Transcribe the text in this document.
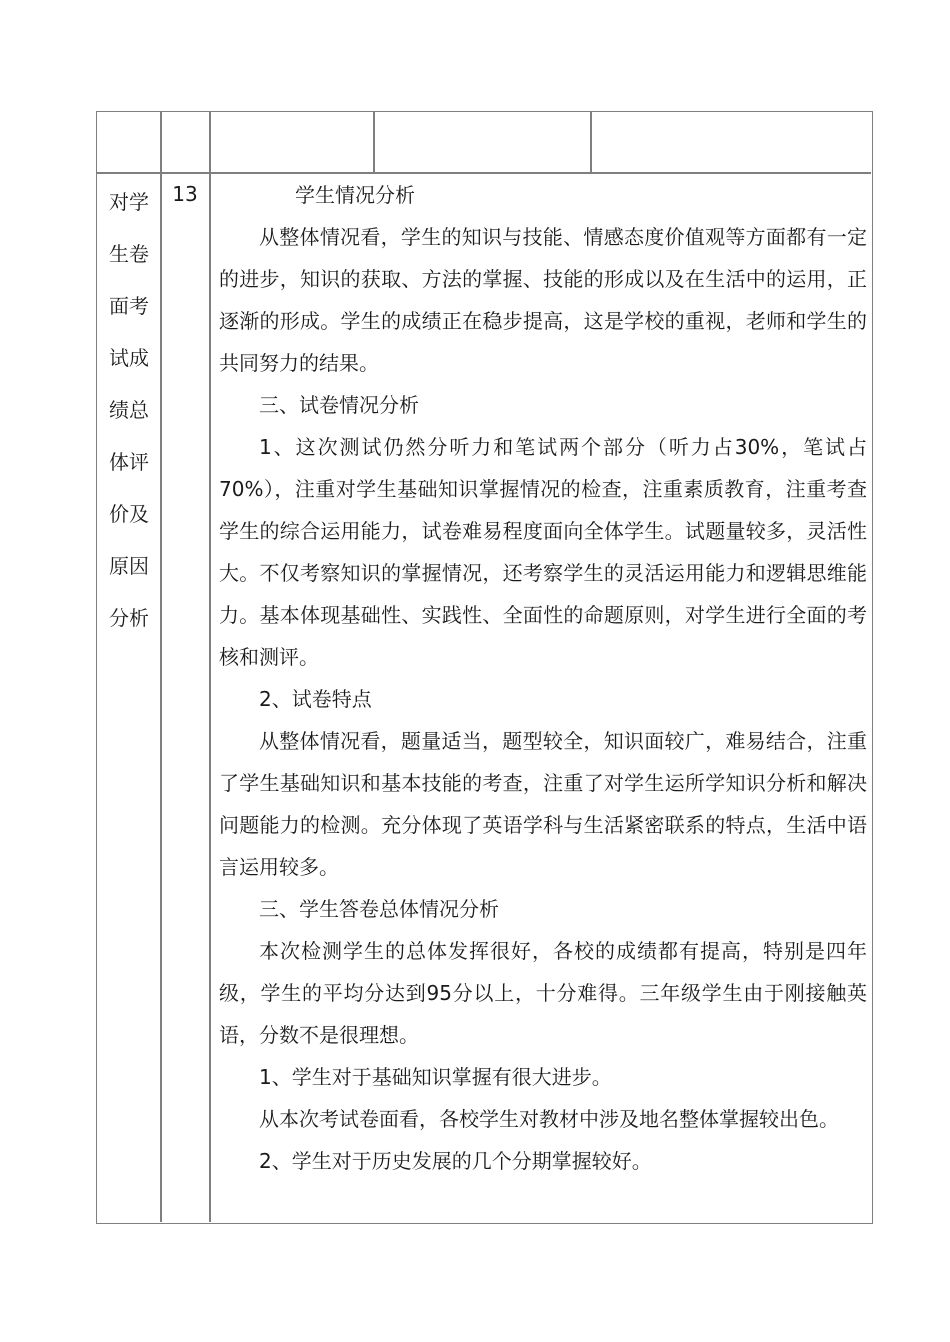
对学
生卷
面考
试成
绩总
体评
价及
原因
分析
13	学生情况分析

从整体情况看，学生的知识与技能、情感态度价值观等方面都有一定的进步，知识的获取、方法的掌握、技能的形成以及在生活中的运用，正逐渐的形成。学生的成绩正在稳步提高，这是学校的重视，老师和学生的共同努力的结果。

三、试卷情况分析

1、这次测试仍然分听力和笔试两个部分（听力占30%，笔试占70%），注重对学生基础知识掌握情况的检查，注重素质教育，注重考查学生的综合运用能力，试卷难易程度面向全体学生。试题量较多，灵活性大。不仅考察知识的掌握情况，还考察学生的灵活运用能力和逻辑思维能力。基本体现基础性、实践性、全面性的命题原则，对学生进行全面的考核和测评。

2、试卷特点

从整体情况看，题量适当，题型较全，知识面较广，难易结合，注重了学生基础知识和基本技能的考查，注重了对学生运所学知识分析和解决问题能力的检测。充分体现了英语学科与生活紧密联系的特点，生活中语言运用较多。

三、学生答卷总体情况分析

本次检测学生的总体发挥很好，各校的成绩都有提高，特别是四年级，学生的平均分达到95分以上，十分难得。三年级学生由于刚接触英语，分数不是很理想。

1、学生对于基础知识掌握有很大进步。

从本次考试卷面看，各校学生对教材中涉及地名整体掌握较出色。

2、学生对于历史发展的几个分期掌握较好。
